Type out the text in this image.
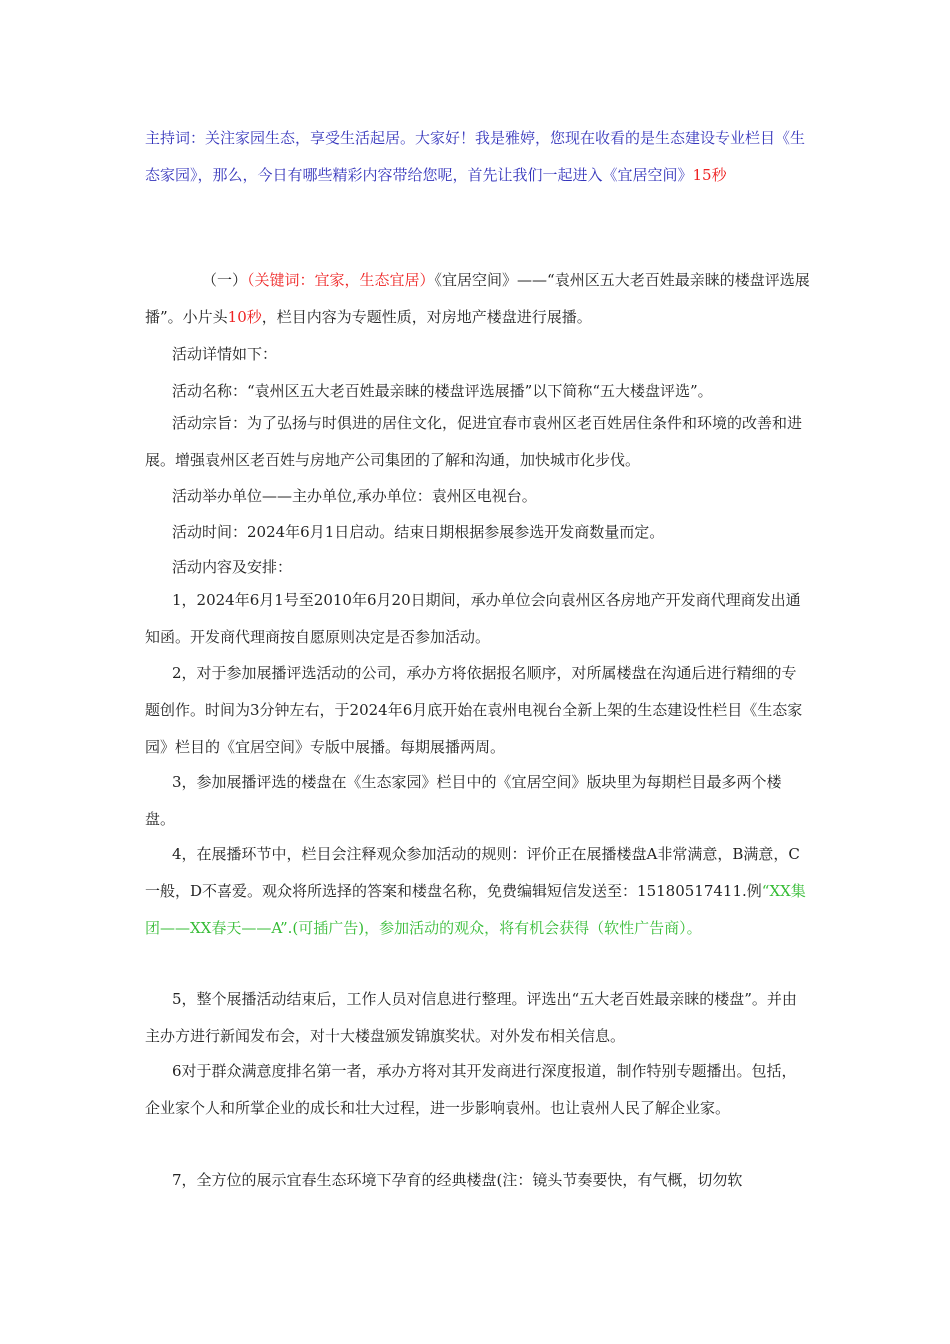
主持词：关注家园生态，享受生活起居。大家好！我是雅婷，您现在收看的是生态建设专业栏目《生态家园》，那么，今日有哪些精彩内容带给您呢，首先让我们一起进入《宜居空间》15秒

（一）（关键词：宜家，生态宜居）《宜居空间》——“袁州区五大老百姓最亲睐的楼盘评选展播”。小片头10秒，栏目内容为专题性质，对房地产楼盘进行展播。

活动详情如下：

活动名称：“袁州区五大老百姓最亲睐的楼盘评选展播”以下简称“五大楼盘评选”。

活动宗旨：为了弘扬与时俱进的居住文化，促进宜春市袁州区老百姓居住条件和环境的改善和进展。增强袁州区老百姓与房地产公司集团的了解和沟通，加快城市化步伐。

活动举办单位——主办单位,承办单位：袁州区电视台。

活动时间：2024年6月1日启动。结束日期根据参展参选开发商数量而定。

活动内容及安排：

1，2024年6月1号至2010年6月20日期间，承办单位会向袁州区各房地产开发商代理商发出通知函。开发商代理商按自愿原则决定是否参加活动。

2，对于参加展播评选活动的公司，承办方将依据报名顺序，对所属楼盘在沟通后进行精细的专题创作。时间为3分钟左右，于2024年6月底开始在袁州电视台全新上架的生态建设性栏目《生态家园》栏目的《宜居空间》专版中展播。每期展播两周。

3，参加展播评选的楼盘在《生态家园》栏目中的《宜居空间》版块里为每期栏目最多两个楼盘。

4，在展播环节中，栏目会注释观众参加活动的规则：评价正在展播楼盘A非常满意，B满意，C一般，D不喜爱。观众将所选择的答案和楼盘名称，免费编辑短信发送至：15180517411.例“XX集团——XX春天——A”.(可插广告)，参加活动的观众，将有机会获得（软性广告商）。

5，整个展播活动结束后，工作人员对信息进行整理。评选出“五大老百姓最亲睐的楼盘”。并由主办方进行新闻发布会，对十大楼盘颁发锦旗奖状。对外发布相关信息。

6对于群众满意度排名第一者，承办方将对其开发商进行深度报道，制作特别专题播出。包括，企业家个人和所掌企业的成长和壮大过程，进一步影响袁州。也让袁州人民了解企业家。

7，全方位的展示宜春生态环境下孕育的经典楼盘(注：镜头节奏要快，有气概，切勿软
